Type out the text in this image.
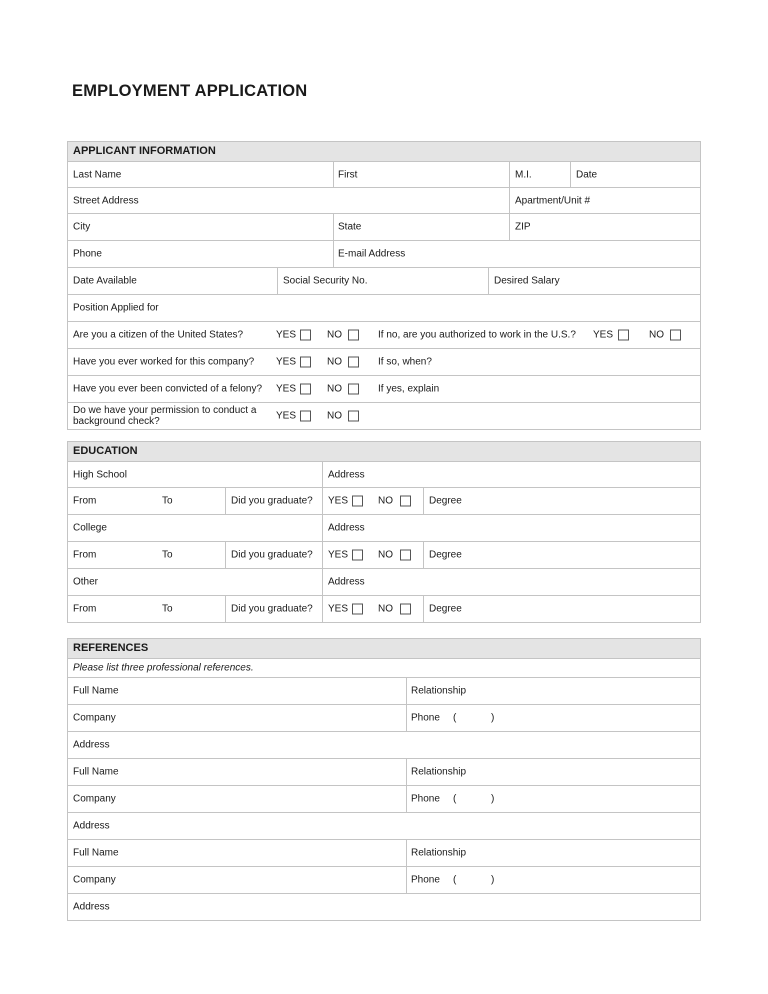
EMPLOYMENT APPLICATION
APPLICANT INFORMATION
Last Name	First	M.I.	Date
Street Address	Apartment/Unit #
City	State	ZIP
Phone	E-mail Address
Date Available	Social Security No.	Desired Salary
Position Applied for
Are you a citizen of the United States?	YES	NO	If no, are you authorized to work in the U.S.? YES	NO
Have you ever worked for this company? YES	NO	If so, when?
Have you ever been convicted of a felony? YES	NO	If yes, explain
Do we have your permission to conduct a background check?	YES	NO
EDUCATION
High School	Address
From	To	Did you graduate? YES	NO	Degree
College	Address
From	To	Did you graduate? YES	NO	Degree
Other	Address
From	To	Did you graduate? YES	NO	Degree
REFERENCES
Please list three professional references.
Full Name	Relationship
Company	Phone (	)
Address
Full Name	Relationship
Company	Phone (	)
Address
Full Name	Relationship
Company	Phone (	)
Address
